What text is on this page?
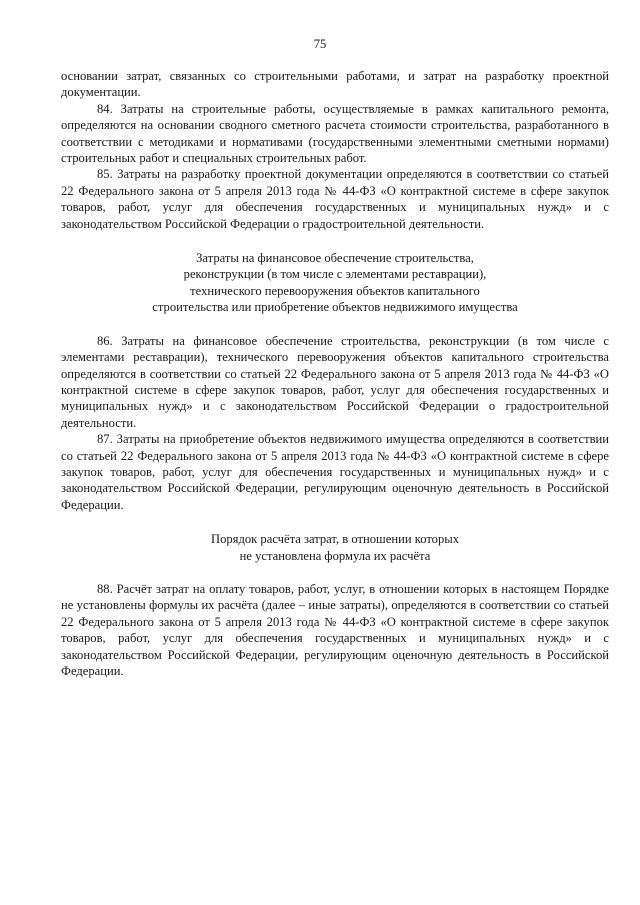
75

основании затрат, связанных со строительными работами, и затрат на разработку проектной документации.

84. Затраты на строительные работы, осуществляемые в рамках капитального ремонта, определяются на основании сводного сметного расчета стоимости строительства, разработанного в соответствии с методиками и нормативами (государственными элементными сметными нормами) строительных работ и специальных строительных работ.

85. Затраты на разработку проектной документации определяются в соответствии со статьей 22 Федерального закона от 5 апреля 2013 года № 44-ФЗ «О контрактной системе в сфере закупок товаров, работ, услуг для обеспечения государственных и муниципальных нужд» и с законодательством Российской Федерации о градостроительной деятельности.

Затраты на финансовое обеспечение строительства,
реконструкции (в том числе с элементами реставрации),
технического перевооружения объектов капитального
строительства или приобретение объектов недвижимого имущества

86. Затраты на финансовое обеспечение строительства, реконструкции (в том числе с элементами реставрации), технического перевооружения объектов капитального строительства определяются в соответствии со статьей 22 Федерального закона от 5 апреля 2013 года № 44-ФЗ «О контрактной системе в сфере закупок товаров, работ, услуг для обеспечения государственных и муниципальных нужд» и с законодательством Российской Федерации о градостроительной деятельности.

87. Затраты на приобретение объектов недвижимого имущества определяются в соответствии со статьей 22 Федерального закона от 5 апреля 2013 года № 44-ФЗ «О контрактной системе в сфере закупок товаров, работ, услуг для обеспечения государственных и муниципальных нужд» и с законодательством Российской Федерации, регулирующим оценочную деятельность в Российской Федерации.

Порядок расчёта затрат, в отношении которых
не установлена формула их расчёта

88. Расчёт затрат на оплату товаров, работ, услуг, в отношении которых в настоящем Порядке не установлены формулы их расчёта (далее – иные затраты), определяются в соответствии со статьей 22 Федерального закона от 5 апреля 2013 года № 44-ФЗ «О контрактной системе в сфере закупок товаров, работ, услуг для обеспечения государственных и муниципальных нужд» и с законодательством Российской Федерации, регулирующим оценочную деятельность в Российской Федерации.
